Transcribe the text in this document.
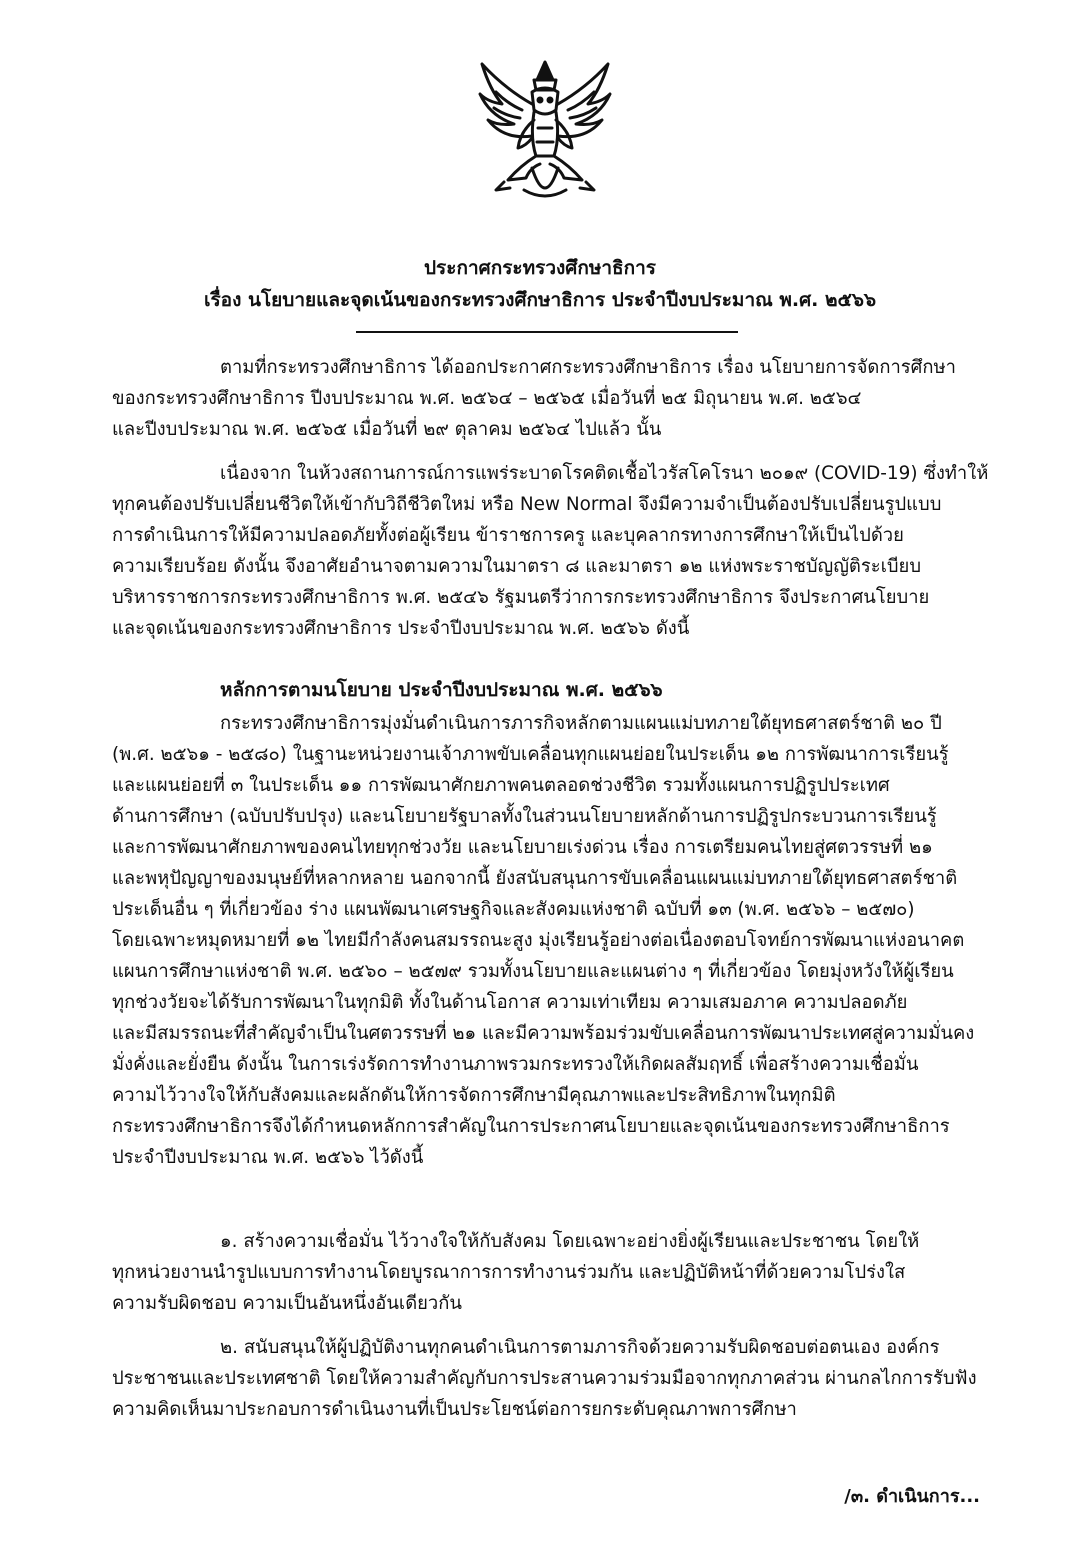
ประกาศกระทรวงศึกษาธิการ
เรื่อง นโยบายและจุดเน้นของกระทรวงศึกษาธิการ ประจำปีงบประมาณ พ.ศ. ๒๕๖๖
ตามที่กระทรวงศึกษาธิการ ได้ออกประกาศกระทรวงศึกษาธิการ เรื่อง นโยบายการจัดการศึกษา
ของกระทรวงศึกษาธิการ ปีงบประมาณ พ.ศ. ๒๕๖๔ – ๒๕๖๕ เมื่อวันที่ ๒๕ มิถุนายน พ.ศ. ๒๕๖๔
และปีงบประมาณ พ.ศ. ๒๕๖๕ เมื่อวันที่ ๒๙ ตุลาคม ๒๕๖๔ ไปแล้ว นั้น
เนื่องจาก ในห้วงสถานการณ์การแพร่ระบาดโรคติดเชื้อไวรัสโคโรนา ๒๐๑๙ (COVID-19) ซึ่งทำให้
ทุกคนต้องปรับเปลี่ยนชีวิตให้เข้ากับวิถีชีวิตใหม่ หรือ New Normal จึงมีความจำเป็นต้องปรับเปลี่ยนรูปแบบ
การดำเนินการให้มีความปลอดภัยทั้งต่อผู้เรียน ข้าราชการครู และบุคลากรทางการศึกษาให้เป็นไปด้วย
ความเรียบร้อย ดังนั้น จึงอาศัยอำนาจตามความในมาตรา ๘ และมาตรา ๑๒ แห่งพระราชบัญญัติระเบียบ
บริหารราชการกระทรวงศึกษาธิการ พ.ศ. ๒๕๔๖ รัฐมนตรีว่าการกระทรวงศึกษาธิการ จึงประกาศนโยบาย
และจุดเน้นของกระทรวงศึกษาธิการ ประจำปีงบประมาณ พ.ศ. ๒๕๖๖ ดังนี้
หลักการตามนโยบาย ประจำปีงบประมาณ พ.ศ. ๒๕๖๖
กระทรวงศึกษาธิการมุ่งมั่นดำเนินการภารกิจหลักตามแผนแม่บทภายใต้ยุทธศาสตร์ชาติ ๒๐ ปี
(พ.ศ. ๒๕๖๑ - ๒๕๘๐) ในฐานะหน่วยงานเจ้าภาพขับเคลื่อนทุกแผนย่อยในประเด็น ๑๒ การพัฒนาการเรียนรู้
และแผนย่อยที่ ๓ ในประเด็น ๑๑ การพัฒนาศักยภาพคนตลอดช่วงชีวิต รวมทั้งแผนการปฏิรูปประเทศ
ด้านการศึกษา (ฉบับปรับปรุง) และนโยบายรัฐบาลทั้งในส่วนนโยบายหลักด้านการปฏิรูปกระบวนการเรียนรู้
และการพัฒนาศักยภาพของคนไทยทุกช่วงวัย และนโยบายเร่งด่วน เรื่อง การเตรียมคนไทยสู่ศตวรรษที่ ๒๑
และพหุปัญญาของมนุษย์ที่หลากหลาย นอกจากนี้ ยังสนับสนุนการขับเคลื่อนแผนแม่บทภายใต้ยุทธศาสตร์ชาติ
ประเด็นอื่น ๆ ที่เกี่ยวข้อง ร่าง แผนพัฒนาเศรษฐกิจและสังคมแห่งชาติ ฉบับที่ ๑๓ (พ.ศ. ๒๕๖๖ – ๒๕๗๐)
โดยเฉพาะหมุดหมายที่ ๑๒ ไทยมีกำลังคนสมรรถนะสูง มุ่งเรียนรู้อย่างต่อเนื่องตอบโจทย์การพัฒนาแห่งอนาคต
แผนการศึกษาแห่งชาติ พ.ศ. ๒๕๖๐ – ๒๕๗๙ รวมทั้งนโยบายและแผนต่าง ๆ ที่เกี่ยวข้อง โดยมุ่งหวังให้ผู้เรียน
ทุกช่วงวัยจะได้รับการพัฒนาในทุกมิติ ทั้งในด้านโอกาส ความเท่าเทียม ความเสมอภาค ความปลอดภัย
และมีสมรรถนะที่สำคัญจำเป็นในศตวรรษที่ ๒๑ และมีความพร้อมร่วมขับเคลื่อนการพัฒนาประเทศสู่ความมั่นคง
มั่งคั่งและยั่งยืน ดังนั้น ในการเร่งรัดการทำงานภาพรวมกระทรวงให้เกิดผลสัมฤทธิ์ เพื่อสร้างความเชื่อมั่น
ความไว้วางใจให้กับสังคมและผลักดันให้การจัดการศึกษามีคุณภาพและประสิทธิภาพในทุกมิติ
กระทรวงศึกษาธิการจึงได้กำหนดหลักการสำคัญในการประกาศนโยบายและจุดเน้นของกระทรวงศึกษาธิการ
ประจำปีงบประมาณ พ.ศ. ๒๕๖๖ ไว้ดังนี้
๑. สร้างความเชื่อมั่น ไว้วางใจให้กับสังคม โดยเฉพาะอย่างยิ่งผู้เรียนและประชาชน โดยให้
ทุกหน่วยงานนำรูปแบบการทำงานโดยบูรณาการการทำงานร่วมกัน และปฏิบัติหน้าที่ด้วยความโปร่งใส
ความรับผิดชอบ ความเป็นอันหนึ่งอันเดียวกัน
๒. สนับสนุนให้ผู้ปฏิบัติงานทุกคนดำเนินการตามภารกิจด้วยความรับผิดชอบต่อตนเอง องค์กร
ประชาชนและประเทศชาติ โดยให้ความสำคัญกับการประสานความร่วมมือจากทุกภาคส่วน ผ่านกลไกการรับฟัง
ความคิดเห็นมาประกอบการดำเนินงานที่เป็นประโยชน์ต่อการยกระดับคุณภาพการศึกษา
/๓. ดำเนินการ...
